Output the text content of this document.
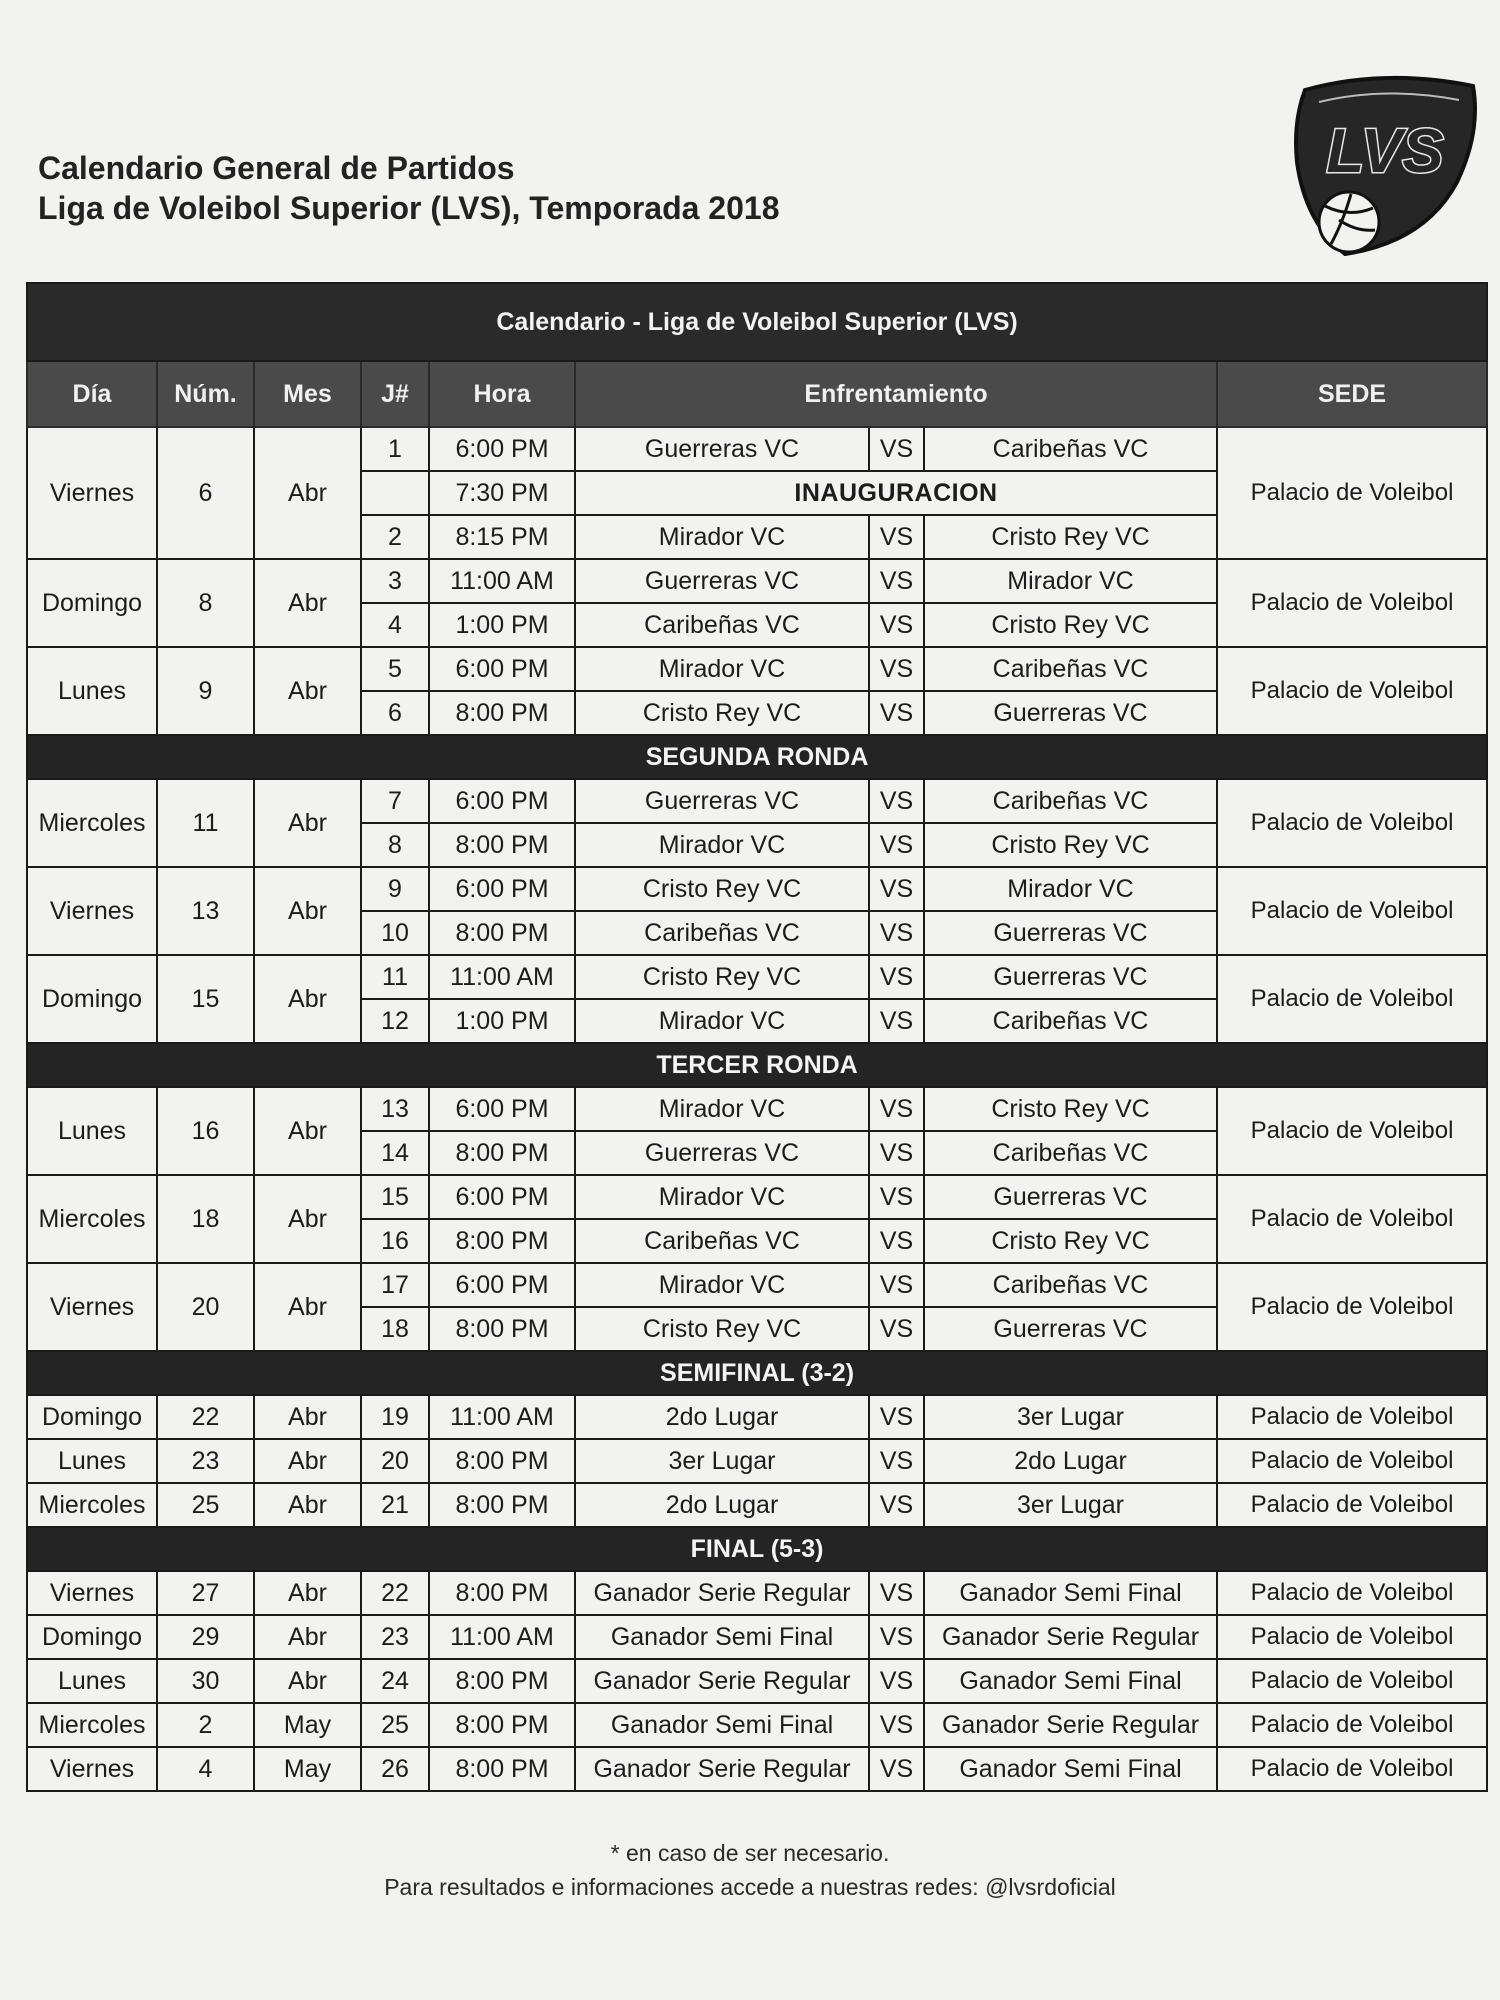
Calendario General de Partidos
Liga de Voleibol Superior (LVS), Temporada 2018
LVS
Calendario - Liga de Voleibol Superior (LVS)								
Día	Núm.	Mes	J#	Hora	Enfrentamiento			SEDE
Viernes	6	Abr	1	6:00 PM	Guerreras VC	VS	Caribeñas VC	Palacio de Voleibol
				7:30 PM	INAUGURACION			
			2	8:15 PM	Mirador VC	VS	Cristo Rey VC	
Domingo	8	Abr	3	11:00 AM	Guerreras VC	VS	Mirador VC	Palacio de Voleibol
			4	1:00 PM	Caribeñas VC	VS	Cristo Rey VC	
Lunes	9	Abr	5	6:00 PM	Mirador VC	VS	Caribeñas VC	Palacio de Voleibol
			6	8:00 PM	Cristo Rey VC	VS	Guerreras VC	
SEGUNDA RONDA								
Miercoles	11	Abr	7	6:00 PM	Guerreras VC	VS	Caribeñas VC	Palacio de Voleibol
			8	8:00 PM	Mirador VC	VS	Cristo Rey VC	
Viernes	13	Abr	9	6:00 PM	Cristo Rey VC	VS	Mirador VC	Palacio de Voleibol
			10	8:00 PM	Caribeñas VC	VS	Guerreras VC	
Domingo	15	Abr	11	11:00 AM	Cristo Rey VC	VS	Guerreras VC	Palacio de Voleibol
			12	1:00 PM	Mirador VC	VS	Caribeñas VC	
TERCER RONDA								
Lunes	16	Abr	13	6:00 PM	Mirador VC	VS	Cristo Rey VC	Palacio de Voleibol
			14	8:00 PM	Guerreras VC	VS	Caribeñas VC	
Miercoles	18	Abr	15	6:00 PM	Mirador VC	VS	Guerreras VC	Palacio de Voleibol
			16	8:00 PM	Caribeñas VC	VS	Cristo Rey VC	
Viernes	20	Abr	17	6:00 PM	Mirador VC	VS	Caribeñas VC	Palacio de Voleibol
			18	8:00 PM	Cristo Rey VC	VS	Guerreras VC	
SEMIFINAL (3-2)								
Domingo	22	Abr	19	11:00 AM	2do Lugar	VS	3er Lugar	Palacio de Voleibol
Lunes	23	Abr	20	8:00 PM	3er Lugar	VS	2do Lugar	Palacio de Voleibol
Miercoles	25	Abr	21	8:00 PM	2do Lugar	VS	3er Lugar	Palacio de Voleibol
FINAL (5-3)								
Viernes	27	Abr	22	8:00 PM	Ganador Serie Regular	VS	Ganador Semi Final	Palacio de Voleibol
Domingo	29	Abr	23	11:00 AM	Ganador Semi Final	VS	Ganador Serie Regular	Palacio de Voleibol
Lunes	30	Abr	24	8:00 PM	Ganador Serie Regular	VS	Ganador Semi Final	Palacio de Voleibol
Miercoles	2	May	25	8:00 PM	Ganador Semi Final	VS	Ganador Serie Regular	Palacio de Voleibol
Viernes	4	May	26	8:00 PM	Ganador Serie Regular	VS	Ganador Semi Final	Palacio de Voleibol
* en caso de ser necesario.
Para resultados e informaciones accede a nuestras redes: @lvsrdoficial
